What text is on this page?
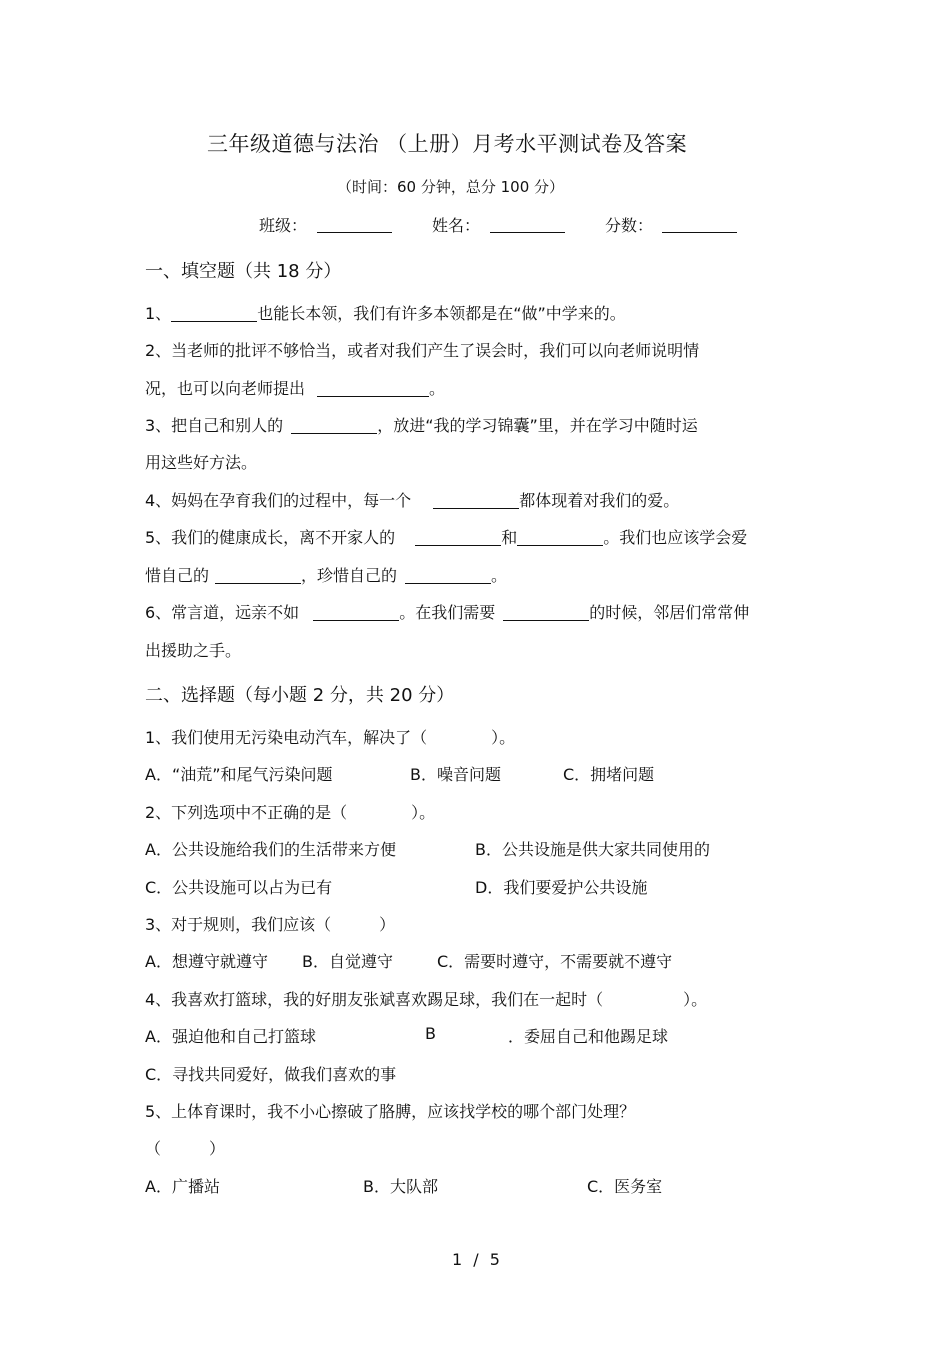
三年级道德与法治 （上册）月考水平测试卷及答案
（时间：60 分钟，总分 100 分）
班级：	姓名：	分数：
一、填空题（共 18 分）
1、	也能长本领，我们有许多本领都是在“做”中学来的。
2、当老师的批评不够恰当，或者对我们产生了误会时，我们可以向老师说明情
况，也可以向老师提出	。
3、把自己和别人的	，放进“我的学习锦囊”里，并在学习中随时运
用这些好方法。
4、妈妈在孕育我们的过程中，每一个	都体现着对我们的爱。
5、我们的健康成长，离不开家人的	和	。我们也应该学会爱
惜自己的	，珍惜自己的	。
6、常言道，远亲不如	。在我们需要	的时候，邻居们常常伸
出援助之手。
二、选择题（每小题 2 分，共 20 分）
1、我们使用无污染电动汽车，解决了（　　　　）。
A．“油荒”和尾气污染问题	B．噪音问题	C．拥堵问题
2、下列选项中不正确的是（　　　　）。
A．公共设施给我们的生活带来方便	B．公共设施是供大家共同使用的
C．公共设施可以占为已有	D．我们要爱护公共设施
3、对于规则，我们应该（　　　）
A．想遵守就遵守 B．自觉遵守	C．需要时遵守，不需要就不遵守
4、我喜欢打篮球，我的好朋友张斌喜欢踢足球，我们在一起时（　　　　　）。
A．强迫他和自己打篮球	B	．委屈自己和他踢足球
C．寻找共同爱好，做我们喜欢的事
5、上体育课时，我不小心擦破了胳膊，应该找学校的哪个部门处理？
（　　　）
A．广播站	B．大队部	C．医务室
1 / 5
